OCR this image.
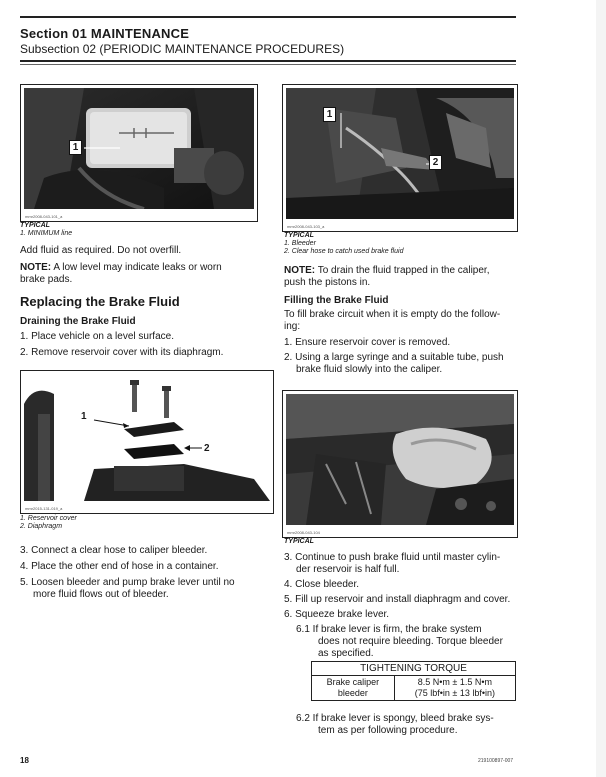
Section 01 MAINTENANCE
Subsection 02 (PERIODIC MAINTENANCE PROCEDURES)
1
mmr2008-043-101_a
TYPICAL
1. MINIMUM line
Add fluid as required. Do not overfill.
NOTE: A low level may indicate leaks or worn
brake pads.
Replacing the Brake Fluid
Draining the Brake Fluid
1. Place vehicle on a level surface.
2. Remove reservoir cover with its diaphragm.
1
2
mmr2015-131-019_a
1. Reservoir cover
2. Diaphragm
3. Connect a clear hose to caliper bleeder.
4. Place the other end of hose in a container.
5. Loosen bleeder and pump brake lever until no
more fluid flows out of bleeder.
1
2
mmr2008-043-103_a
TYPICAL
1. Bleeder
2. Clear hose to catch used brake fluid
NOTE: To drain the fluid trapped in the caliper,
push the pistons in.
Filling the Brake Fluid
To fill brake circuit when it is empty do the follow-
ing:
1. Ensure reservoir cover is removed.
2. Using a large syringe and a suitable tube, push
brake fluid slowly into the caliper.
mmr2008-043-104
TYPICAL
3. Continue to push brake fluid until master cylin-
der reservoir is half full.
4. Close bleeder.
5. Fill up reservoir and install diaphragm and cover.
6. Squeeze brake lever.
6.1 If brake lever is firm, the brake system
does not require bleeding. Torque bleeder
as specified.
TIGHTENING TORQUE
Brake caliper
bleeder	8.5 N•m ± 1.5 N•m
(75 lbf•in ± 13 lbf•in)
6.2 If brake lever is spongy, bleed brake sys-
tem as per following procedure.
18	219100897-007
